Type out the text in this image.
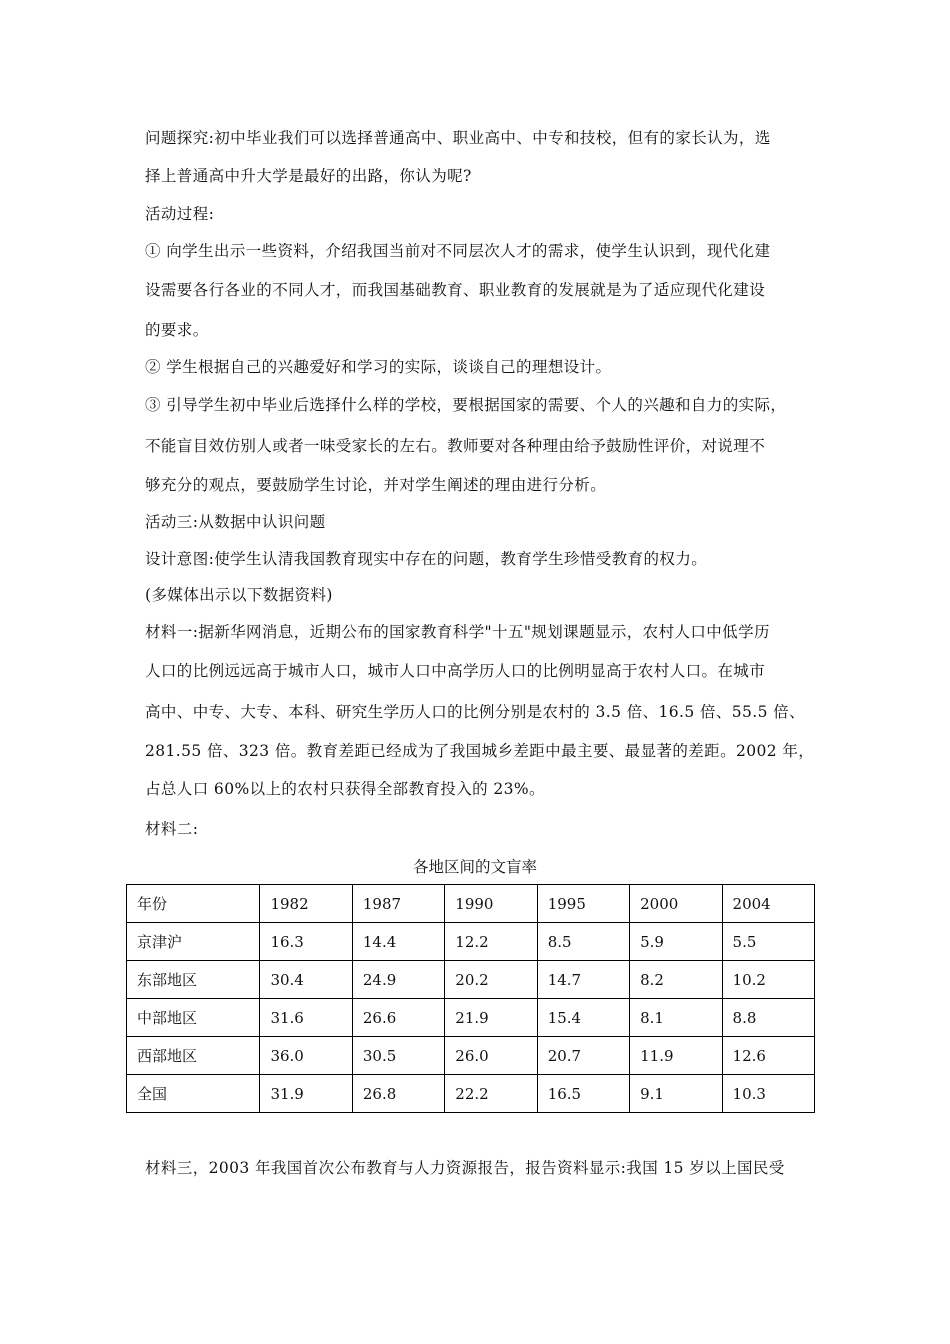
问题探究:初中毕业我们可以选择普通高中、职业高中、中专和技校，但有的家长认为，选
择上普通高中升大学是最好的出路，你认为呢?
活动过程:
① 向学生出示一些资料，介绍我国当前对不同层次人才的需求，使学生认识到，现代化建
设需要各行各业的不同人才，而我国基础教育、职业教育的发展就是为了适应现代化建设
的要求。
② 学生根据自己的兴趣爱好和学习的实际，谈谈自己的理想设计。
③ 引导学生初中毕业后选择什么样的学校，要根据国家的需要、个人的兴趣和自力的实际，
不能盲目效仿别人或者一味受家长的左右。教师要对各种理由给予鼓励性评价，对说理不
够充分的观点，要鼓励学生讨论，并对学生阐述的理由进行分析。
活动三:从数据中认识问题
设计意图:使学生认清我国教育现实中存在的问题，教育学生珍惜受教育的权力。
(多媒体出示以下数据资料)
材料一:据新华网消息，近期公布的国家教育科学"十五"规划课题显示，农村人口中低学历
人口的比例远远高于城市人口，城市人口中高学历人口的比例明显高于农村人口。在城市
高中、中专、大专、本科、研究生学历人口的比例分别是农村的 3.5 倍、16.5 倍、55.5 倍、
281.55 倍、323 倍。教育差距已经成为了我国城乡差距中最主要、最显著的差距。2002 年，
占总人口 60%以上的农村只获得全部教育投入的 23%。
材料二:
各地区间的文盲率
年份	1982	1987	1990	1995	2000	2004
京津沪	16.3	14.4	12.2	8.5	5.9	5.5
东部地区	30.4	24.9	20.2	14.7	8.2	10.2
中部地区	31.6	26.6	21.9	15.4	8.1	8.8
西部地区	36.0	30.5	26.0	20.7	11.9	12.6
全国	31.9	26.8	22.2	16.5	9.1	10.3
材料三，2003 年我国首次公布教育与人力资源报告，报告资料显示:我国 15 岁以上国民受
